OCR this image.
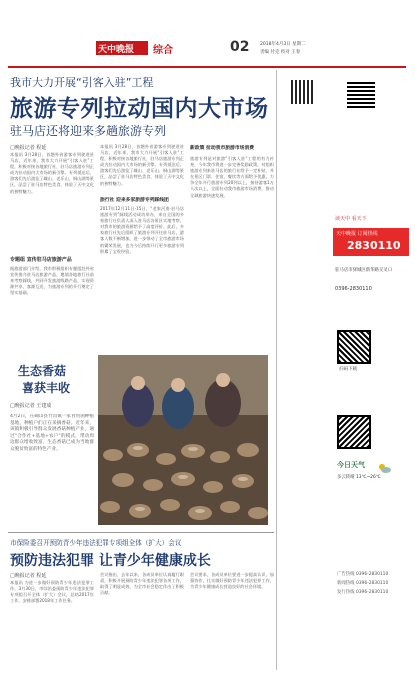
天中晚报 综合	02 2018年4月3日 星期二
责编 付克 校对 王春
我市大力开展“引客入驻”工程
旅游专列拉动国内大市场
驻马店还将迎来多趟旅游专列
□晚报记者 程延
本报讯 3月28日，首趟外省游客专列驶进驻马店，近年来，我市大力开展“引客入驻”工程，积极对接各地旅行社，驻马店旅游专列正成为拉动国内大市场的新引擎。专列抵达后，游客们先后游览了嵘山、老乐山、铜山湖等景区，品尝了驻马店特色美食，体验了天中文化的独特魅力。
专题组 宣传驻马店旅游产品
据旅游部门介绍，我市积极组织专题组赴外省宣传推介驻马店旅游产品，邀请各地旅行社前来考察踩线，共同开发旅游线路产品，实现资源共享、客源互送，为旅游专列的开行奠定了坚实基础。
本报讯 3月28日，首趟外省游客专列驶进驻马店，近年来，我市大力开展“引客入驻”工程，积极对接各地旅行社，驻马店旅游专列正成为拉动国内大市场的新引擎。专列抵达后，游客们先后游览了嵘山、老乐山、铜山湖等景区，品尝了驻马店特色美食，体验了天中文化的独特魅力。
旅行社 迎来多家旅游专列踩线团
2017年12月11日-15日，“老家河南·驻马店旅游专列”踩线活动成功举办，来自全国的多家旅行社负责人深入驻马店各景区实地考察，对我市的旅游资源给予了高度评价。此后，多家旅行社先后组织了旅游专列开往驻马店，游客人数不断增加，进一步带动了全市旅游市场的繁荣发展，也为今后持续开行更多旅游专列积累了宝贵经验。
新政策 拉动我市旅游市场消费
旅游专列是对旅游“引客入驻”工程的有力补充，今年我市将进一步完善奖励政策，对组织旅游专列来驻马店的旅行社给予一定补贴，并在景区门票、住宿、餐饮等方面给予优惠，力争全年开行旅游专列20列以上，接待游客1万人次以上，全面拉动我市旅游市场消费，推动全域旅游快速发展。
生态香菇
喜获丰收
□晚报记者 王建成
4月2日，在确山县竹沟镇一家食用菌种植基地，种植户们正在采摘香菇。近年来，该镇积极引导群众发展香菇种植产业，通过“合作社+基地+农户”的模式，带动周边群众增收致富，生态香菇已成为当地群众脱贫致富的特色产业。
读天中 看天下
天中晚报 订阅热线
2830110
驻马店市驿城区新华路交叉口
0396-2830110
扫码下载
今日天气
多云转晴 13℃~26℃
广告热线 0396-2830110
新闻热线 0396-2830110
发行热线 0396-2830110
市保险委召开预防青少年违法犯罪专项组全体（扩大）会议
预防违法犯罪 让青少年健康成长
□晚报记者 程延
本报讯 为进一步做好预防青少年违法犯罪工作，3月30日，市综治委预防青少年违法犯罪专项组召开全体（扩大）会议，总结2017年工作，安排部署2018年工作任务。
会议指出，去年以来，各成员单位认真履行职责，积极开展预防青少年违法犯罪各项工作，取得了明显成效，为全市社会稳定作出了积极贡献。
会议要求，各成员单位要进一步提高认识，加强协作，扎实做好预防青少年违法犯罪工作，为青少年健康成长营造良好的社会环境。
